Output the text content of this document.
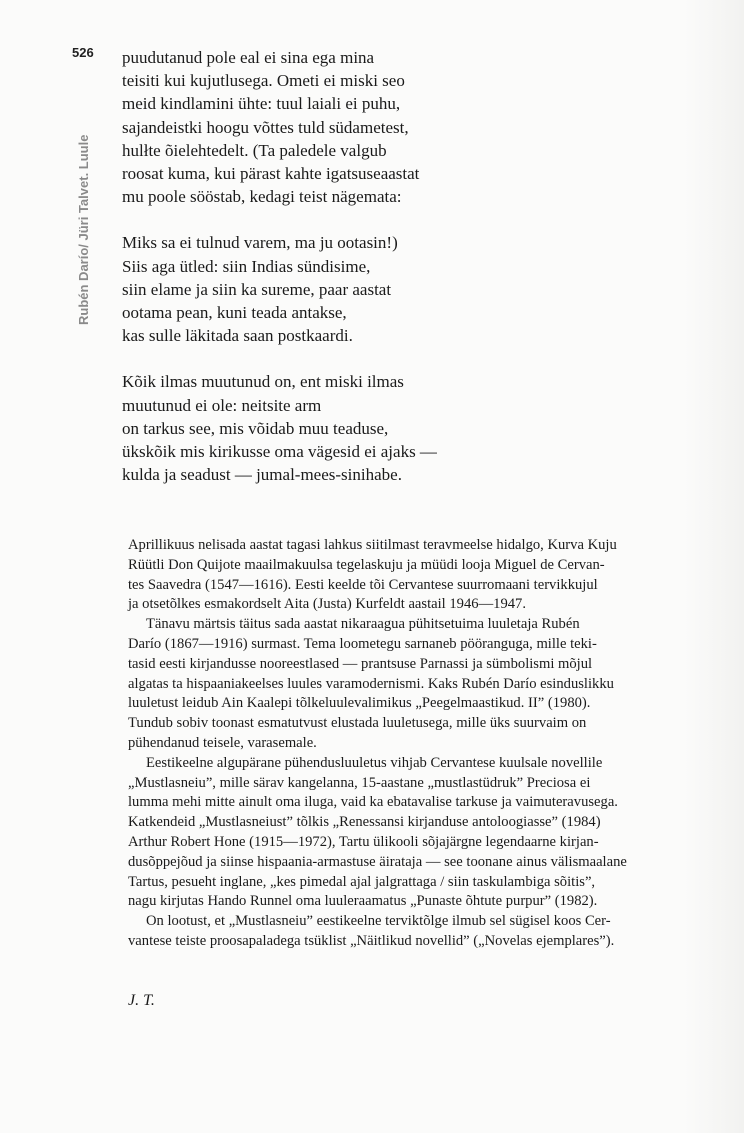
526

Rubén Darío/ Jüri Talvet. Luule
puudutanud pole eal ei sina ega mina
teisiti kui kujutlusega. Ometi ei miski seo
meid kindlamini ühte: tuul laiali ei puhu,
sajandeistki hoogu võttes tuld südametest,
hulłte õielehtedelt. (Ta paledele valgub
roosat kuma, kui pärast kahte igatsuseaastat
mu poole sööstab, kedagi teist nägemata:
Miks sa ei tulnud varem, ma ju ootasin!)
Siis aga ütled: siin Indias sündisime,
siin elame ja siin ka sureme, paar aastat
ootama pean, kuni teada antakse,
kas sulle läkitada saan postkaardi.
Kõik ilmas muutunud on, ent miski ilmas
muutunud ei ole: neitsite arm
on tarkus see, mis võidab muu teaduse,
ükskõik mis kirikusse oma vägesid ei ajaks —
kulda ja seadust — jumal-mees-sinihabe.
Aprillikuus nelisada aastat tagasi lahkus siitilmast teravmeelse hidalgo, Kurva Kuju
Rüütli Don Quijote maailmakuulsa tegelaskuju ja müüdi looja Miguel de Cervan-
tes Saavedra (1547—1616). Eesti keelde tõi Cervantese suurromaani tervikkujul
ja otsetõlkes esmakordselt Aita (Justa) Kurfeldt aastail 1946—1947.
Tänavu märtsis täitus sada aastat nikaraagua pühitsetuima luuletaja Rubén
Darío (1867—1916) surmast. Tema loometegu sarnaneb pööranguga, mille teki-
tasid eesti kirjandusse nooreestlased — prantsuse Parnassi ja sümbolismi mõjul
algatas ta hispaaniakeelses luules varamodernismi. Kaks Rubén Darío esinduslikku
luuletust leidub Ain Kaalepi tõlkeluulevalimikus „Peegelmaastikud. II” (1980).
Tundub sobiv toonast esmatutvust elustada luuletusega, mille üks suurvaim on
pühendanud teisele, varasemale.
Eestikeelne algupärane pühendusluuletus vihjab Cervantese kuulsale novellile
„Mustlasneiu”, mille särav kangelanna, 15-aastane „mustlastüdruk” Preciosa ei
lumma mehi mitte ainult oma iluga, vaid ka ebatavalise tarkuse ja vaimuteravusega.
Katkendeid „Mustlasneiust” tõlkis „Renessansi kirjanduse antoloogiasse” (1984)
Arthur Robert Hone (1915—1972), Tartu ülikooli sõjajärgne legendaarne kirjan-
dusõppejõud ja siinse hispaania-armastuse äirataja — see toonane ainus välismaalane
Tartus, pesueht inglane, „kes pimedal ajal jalgrattaga / siin taskulambiga sõitis”,
nagu kirjutas Hando Runnel oma luuleraamatus „Punaste õhtute purpur” (1982).
On lootust, et „Mustlasneiu” eestikeelne terviktõlge ilmub sel sügisel koos Cer-
vantese teiste proosapaladega tsüklist „Näitlikud novellid” („Novelas ejemplares”).
J. T.
